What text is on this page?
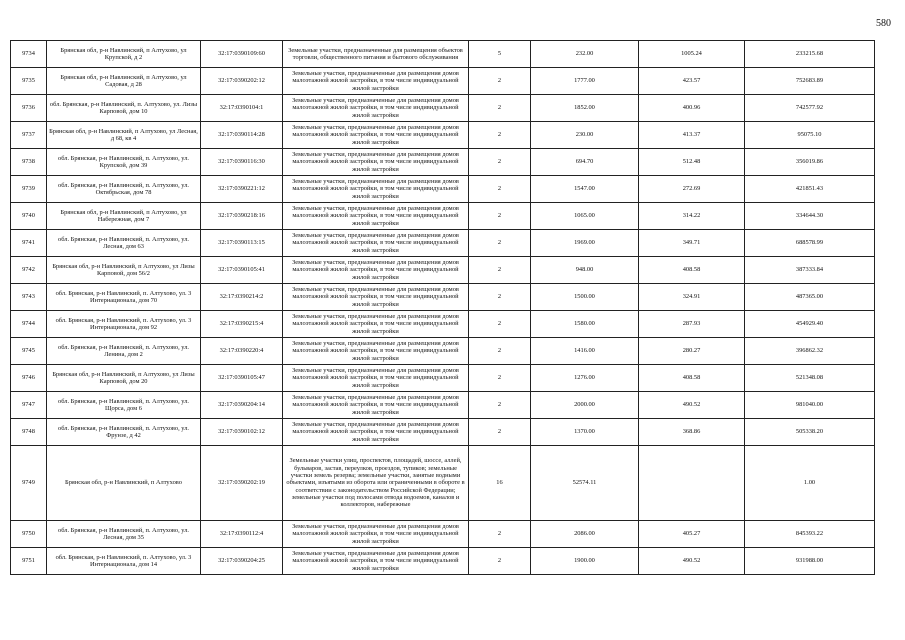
580
9734	Брянская обл, р-н Навлинский, п Алтухово, ул Крупской, д 2	32:17:0390109:60	Земельные участки, предназначенные для размещения объектов торговли, общественного питания и бытового обслуживания	5	232.00	1005.24	233215.68
9735	Брянская обл, р-н Навлинский, п Алтухово, ул Садовая, д 28	32:17:0390202:12	Земельные участки, предназначенные для размещения домов малоэтажной жилой застройки, в том числе индивидуальной жилой застройки	2	1777.00	423.57	752683.89
9736	обл. Брянская, р-н Навлинский, п. Алтухово, ул. Лизы Карповой, дом 10	32:17:0390104:1	Земельные участки, предназначенные для размещения домов малоэтажной жилой застройки, в том числе индивидуальной жилой застройки	2	1852.00	400.96	742577.92
9737	Брянская обл, р-н Навлинский, п Алтухово, ул Лесная, д 68, кв 4	32:17:0390114:28	Земельные участки, предназначенные для размещения домов малоэтажной жилой застройки, в том числе индивидуальной жилой застройки	2	230.00	413.37	95075.10
9738	обл. Брянская, р-н Навлинский, п. Алтухово, ул. Крупской, дом 39	32:17:0390116:30	Земельные участки, предназначенные для размещения домов малоэтажной жилой застройки, в том числе индивидуальной жилой застройки	2	694.70	512.48	356019.86
9739	обл. Брянская, р-н Навлинский, п. Алтухово, ул. Октябрьская, дом 78	32:17:0390221:12	Земельные участки, предназначенные для размещения домов малоэтажной жилой застройки, в том числе индивидуальной жилой застройки	2	1547.00	272.69	421851.43
9740	Брянская обл, р-н Навлинский, п Алтухово, ул Набережная, дом 7	32:17:0390218:16	Земельные участки, предназначенные для размещения домов малоэтажной жилой застройки, в том числе индивидуальной жилой застройки	2	1065.00	314.22	334644.30
9741	обл. Брянская, р-н Навлинский, п. Алтухово, ул. Лесная, дом 63	32:17:0390113:15	Земельные участки, предназначенные для размещения домов малоэтажной жилой застройки, в том числе индивидуальной жилой застройки	2	1969.00	349.71	688578.99
9742	Брянская обл, р-н Навлинский, п Алтухово, ул Лизы Карповой, дом 56/2	32:17:0390105:41	Земельные участки, предназначенные для размещения домов малоэтажной жилой застройки, в том числе индивидуальной жилой застройки	2	948.00	408.58	387333.84
9743	обл. Брянская, р-н Навлинский, п. Алтухово, ул. 3 Интернационала, дом 70	32:17:0390214:2	Земельные участки, предназначенные для размещения домов малоэтажной жилой застройки, в том числе индивидуальной жилой застройки	2	1500.00	324.91	487365.00
9744	обл. Брянская, р-н Навлинский, п. Алтухово, ул. 3 Интернационала, дом 92	32:17:0390215:4	Земельные участки, предназначенные для размещения домов малоэтажной жилой застройки, в том числе индивидуальной жилой застройки	2	1580.00	287.93	454929.40
9745	обл. Брянская, р-н Навлинский, п. Алтухово, ул. Ленина, дом 2	32:17:0390220:4	Земельные участки, предназначенные для размещения домов малоэтажной жилой застройки, в том числе индивидуальной жилой застройки	2	1416.00	280.27	396862.32
9746	Брянская обл, р-н Навлинский, п Алтухово, ул Лизы Карповой, дом 20	32:17:0390105:47	Земельные участки, предназначенные для размещения домов малоэтажной жилой застройки, в том числе индивидуальной жилой застройки	2	1276.00	408.58	521348.08
9747	обл. Брянская, р-н Навлинский, п. Алтухово, ул. Щорса, дом 6	32:17:0390204:14	Земельные участки, предназначенные для размещения домов малоэтажной жилой застройки, в том числе индивидуальной жилой застройки	2	2000.00	490.52	981040.00
9748	обл. Брянская, р-н Навлинский, п. Алтухово, ул. Фрунзе, д 42	32:17:0390102:12	Земельные участки, предназначенные для размещения домов малоэтажной жилой застройки, в том числе индивидуальной жилой застройки	2	1370.00	368.86	505338.20
9749	Брянская обл, р-н Навлинский, п Алтухово	32:17:0390202:19	Земельные участки улиц, проспектов, площадей, шоссе, аллей, бульваров, застав, переулков, проездов, тупиков; земельные участки земель резерва; земельные участки, занятые водными объектами, изъятыми из оборота или ограниченными в обороте в соответствии с законодательством Российской Федерации; земельные участки под полосами отвода водоемов, каналов и коллекторов, набережные	16	52574.11		1.00
9750	обл. Брянская, р-н Навлинский, п. Алтухово, ул. Лесная, дом 35	32:17:0390112:4	Земельные участки, предназначенные для размещения домов малоэтажной жилой застройки, в том числе индивидуальной жилой застройки	2	2086.00	405.27	845393.22
9751	обл. Брянская, р-н Навлинский, п. Алтухово, ул. 3 Интернационала, дом 14	32:17:0390204:25	Земельные участки, предназначенные для размещения домов малоэтажной жилой застройки, в том числе индивидуальной жилой застройки	2	1900.00	490.52	931988.00
